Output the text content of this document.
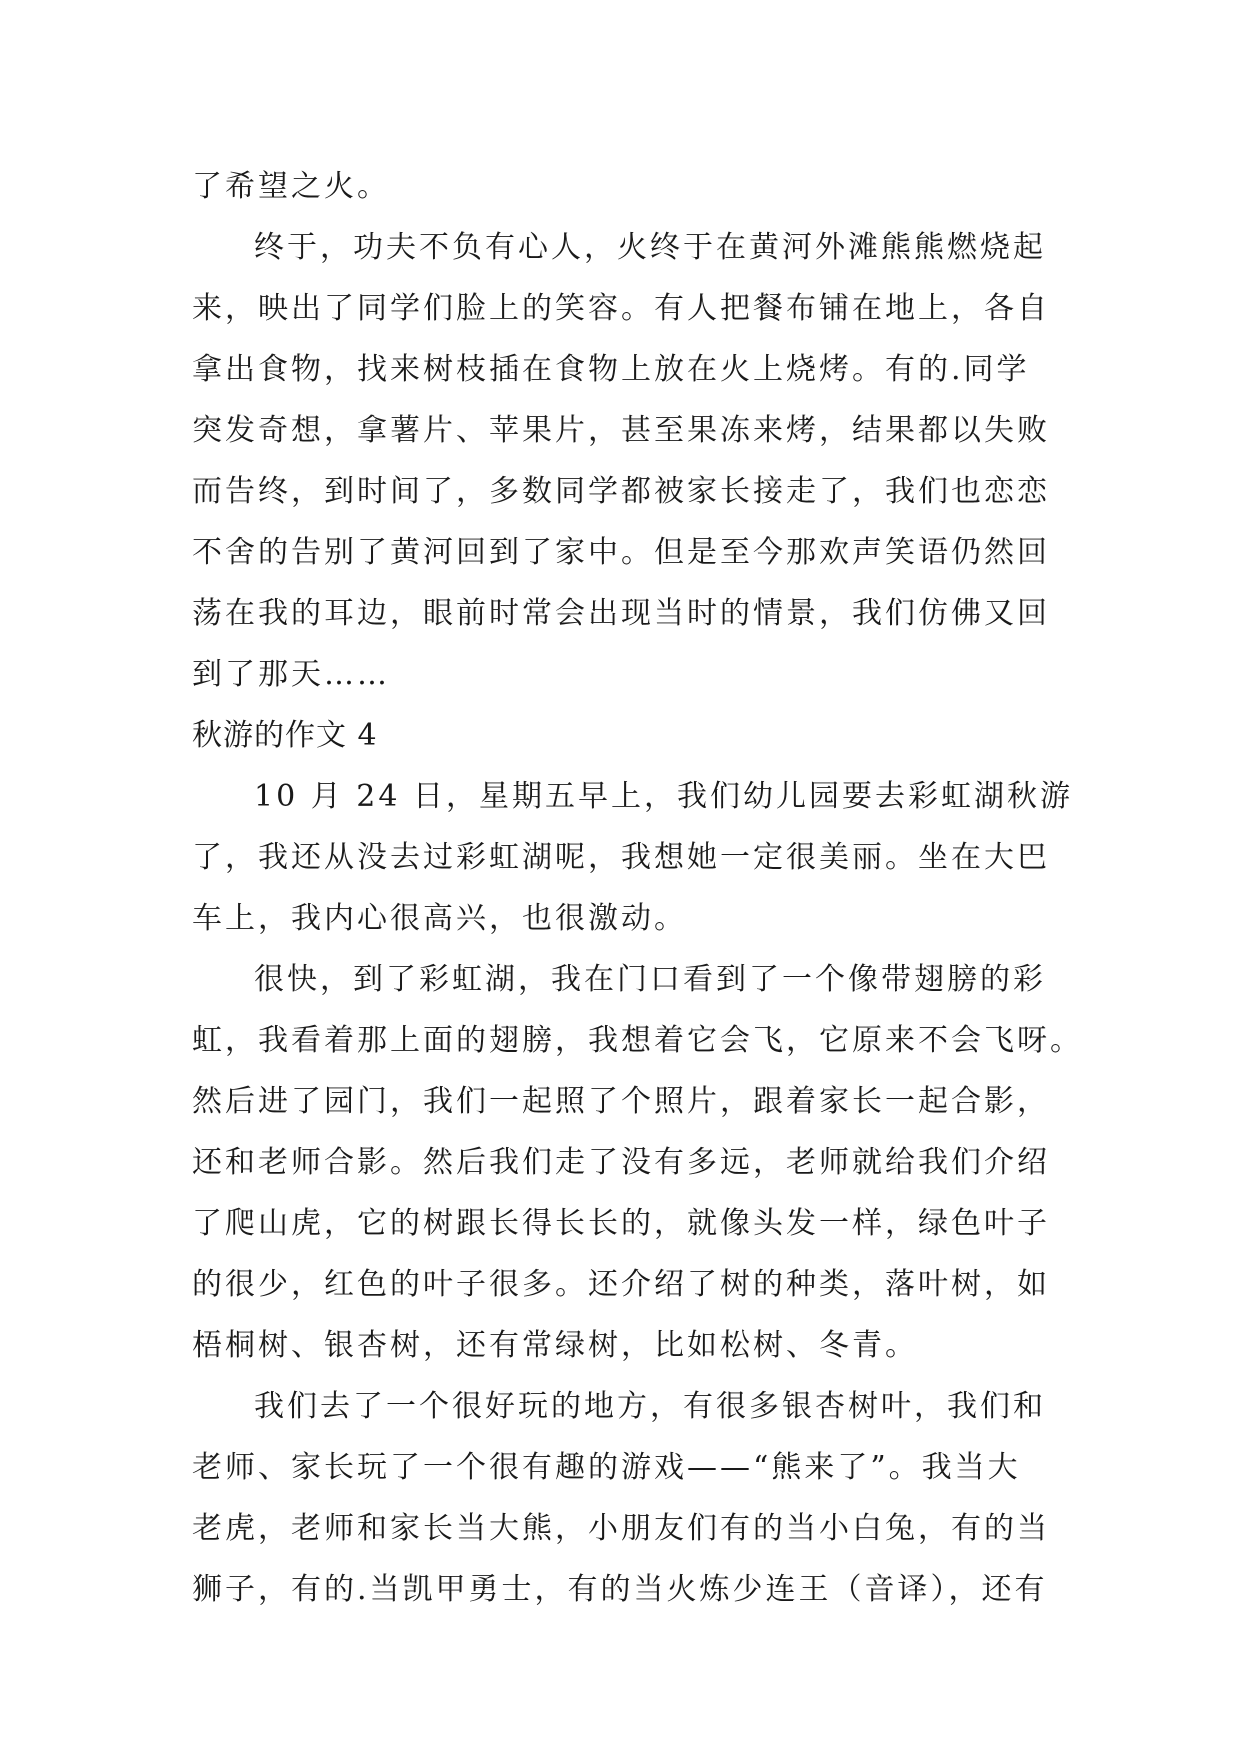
了希望之火。
终于，功夫不负有心人，火终于在黄河外滩熊熊燃烧起
来，映出了同学们脸上的笑容。有人把餐布铺在地上，各自
拿出食物，找来树枝插在食物上放在火上烧烤。有的.同学
突发奇想，拿薯片、苹果片，甚至果冻来烤，结果都以失败
而告终，到时间了，多数同学都被家长接走了，我们也恋恋
不舍的告别了黄河回到了家中。但是至今那欢声笑语仍然回
荡在我的耳边，眼前时常会出现当时的情景，我们仿佛又回
到了那天……
秋游的作文 4
10 月 24 日，星期五早上，我们幼儿园要去彩虹湖秋游
了，我还从没去过彩虹湖呢，我想她一定很美丽。坐在大巴
车上，我内心很高兴，也很激动。
很快，到了彩虹湖，我在门口看到了一个像带翅膀的彩
虹，我看着那上面的翅膀，我想着它会飞，它原来不会飞呀。
然后进了园门，我们一起照了个照片，跟着家长一起合影，
还和老师合影。然后我们走了没有多远，老师就给我们介绍
了爬山虎，它的树跟长得长长的，就像头发一样，绿色叶子
的很少，红色的叶子很多。还介绍了树的种类，落叶树，如
梧桐树、银杏树，还有常绿树，比如松树、冬青。
我们去了一个很好玩的地方，有很多银杏树叶，我们和
老师、家长玩了一个很有趣的游戏——“熊来了”。我当大
老虎，老师和家长当大熊，小朋友们有的当小白兔，有的当
狮子，有的.当凯甲勇士，有的当火炼少连王（音译），还有
